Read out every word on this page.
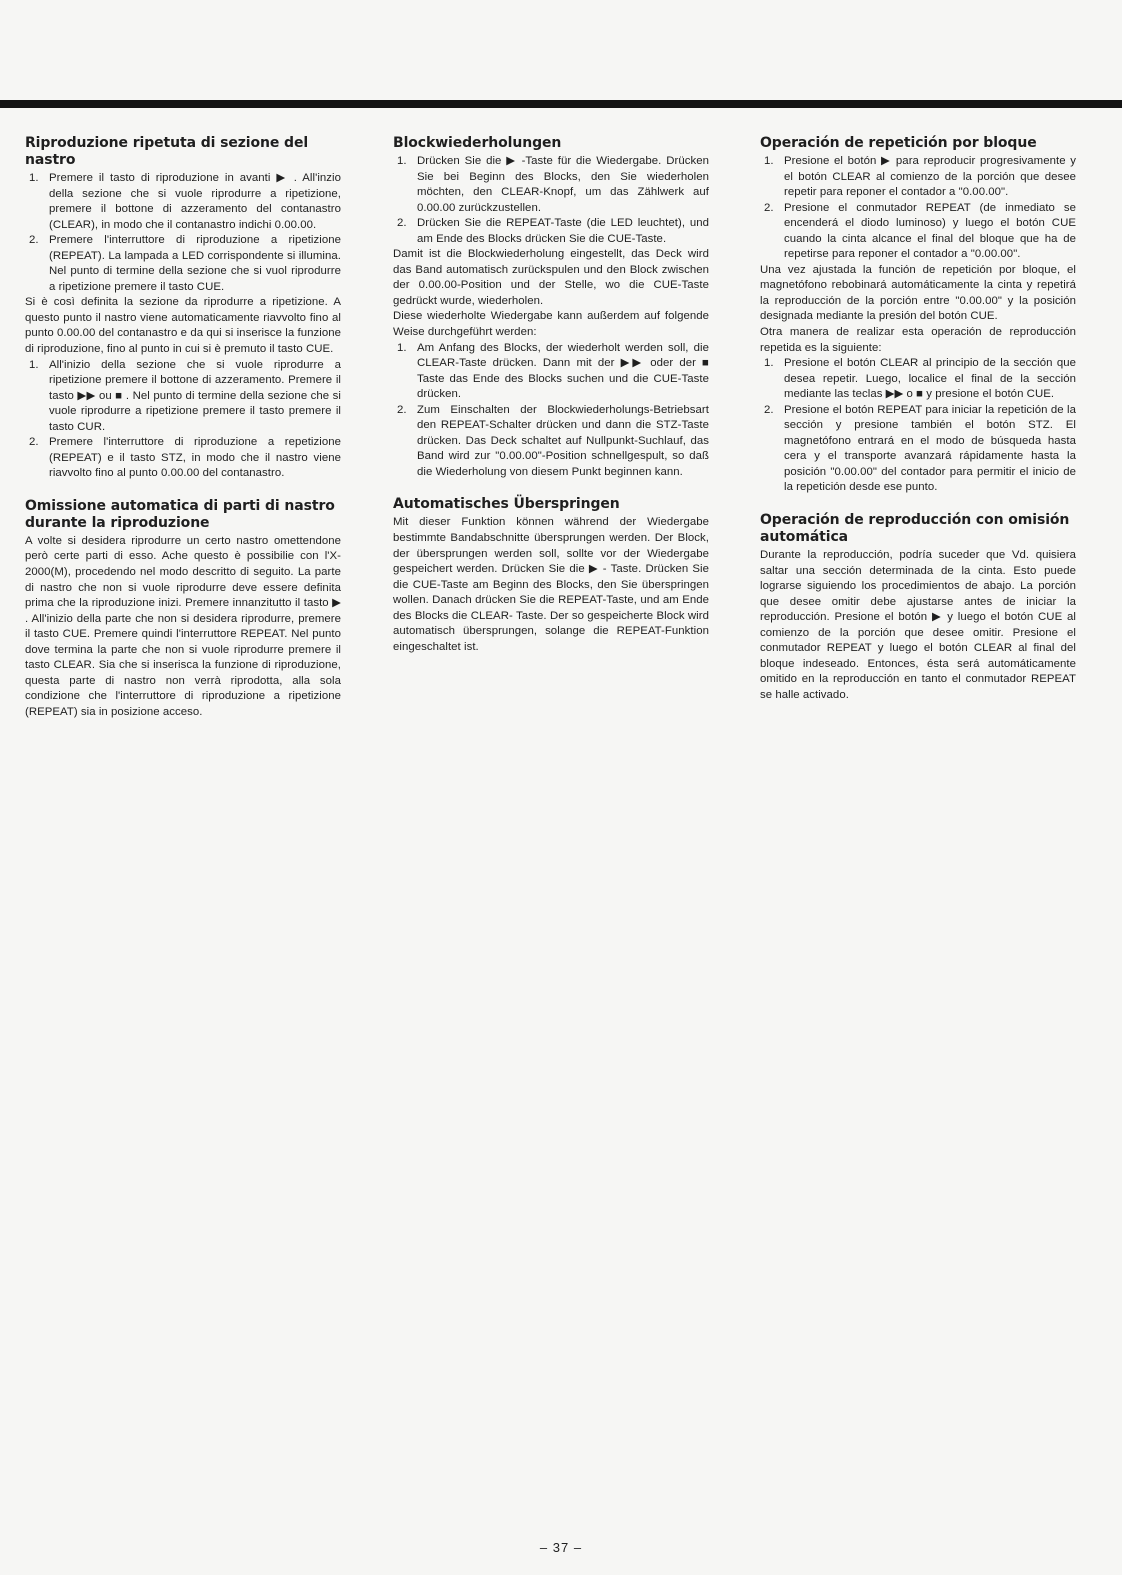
Riproduzione ripetuta di sezione del nastro
1. Premere il tasto di riproduzione in avanti ▶ . All'inzio della sezione che si vuole riprodurre a ripetizione, premere il bottone di azzeramento del contanastro (CLEAR), in modo che il contanastro indichi 0.00.00.
2. Premere l'interruttore di riproduzione a ripetizione (REPEAT). La lampada a LED corrispondente si illumina. Nel punto di termine della sezione che si vuol riprodurre a ripetizione premere il tasto CUE.

Si è così definita la sezione da riprodurre a ripetizione. A questo punto il nastro viene automaticamente riavvolto fino al punto 0.00.00 del contanastro e da qui si inserisce la funzione di riproduzione, fino al punto in cui si è premuto il tasto CUE.

1. All'inizio della sezione che si vuole riprodurre a ripetizione premere il bottone di azzeramento. Premere il tasto ▶▶ ou ■ . Nel punto di termine della sezione che si vuole riprodurre a ripetizione premere il tasto premere il tasto CUR.
2. Premere l'interruttore di riproduzione a repetizione (REPEAT) e il tasto STZ, in modo che il nastro viene riavvolto fino al punto 0.00.00 del contanastro.
Omissione automatica di parti di nastro durante la riproduzione

A volte si desidera riprodurre un certo nastro omettendone però certe parti di esso. Ache questo è possibilie con l'X-2000(M), procedendo nel modo descritto di seguito. La parte di nastro che non si vuole riprodurre deve essere definita prima che la riproduzione inizi. Premere innanzitutto il tasto ▶ . All'inizio della parte che non si desidera riprodurre, premere il tasto CUE. Premere quindi l'interruttore REPEAT. Nel punto dove termina la parte che non si vuole riprodurre premere il tasto CLEAR. Sia che si inserisca la funzione di riproduzione, questa parte di nastro non verrà riprodotta, alla sola condizione che l'interruttore di riproduzione a ripetizione (REPEAT) sia in posizione acceso.

Blockwiederholungen
1. Drücken Sie die ▶ -Taste für die Wiedergabe. Drücken Sie bei Beginn des Blocks, den Sie wiederholen möchten, den CLEAR-Knopf, um das Zählwerk auf 0.00.00 zurückzustellen.
2. Drücken Sie die REPEAT-Taste (die LED leuchtet), und am Ende des Blocks drücken Sie die CUE-Taste.

Damit ist die Blockwiederholung eingestellt, das Deck wird das Band automatisch zurückspulen und den Block zwischen der 0.00.00-Position und der Stelle, wo die CUE-Taste gedrückt wurde, wiederholen.

Diese wiederholte Wiedergabe kann außerdem auf folgende Weise durchgeführt werden:

1. Am Anfang des Blocks, der wiederholt werden soll, die CLEAR-Taste drücken. Dann mit der ▶▶ oder der ■ Taste das Ende des Blocks suchen und die CUE-Taste drücken.
2. Zum Einschalten der Blockwiederholungs-Betriebsart den REPEAT-Schalter drücken und dann die STZ-Taste drücken. Das Deck schaltet auf Nullpunkt-Suchlauf, das Band wird zur "0.00.00"-Position schnellgespult, so daß die Wiederholung von diesem Punkt beginnen kann.
Automatisches Überspringen

Mit dieser Funktion können während der Wiedergabe bestimmte Bandabschnitte übersprungen werden. Der Block, der übersprungen werden soll, sollte vor der Wiedergabe gespeichert werden. Drücken Sie die ▶ - Taste. Drücken Sie die CUE-Taste am Beginn des Blocks, den Sie überspringen wollen. Danach drücken Sie die REPEAT-Taste, und am Ende des Blocks die CLEAR- Taste. Der so gespeicherte Block wird automatisch übersprungen, solange die REPEAT-Funktion eingeschaltet ist.

Operación de repetición por bloque
1. Presione el botón ▶ para reproducir progresivamente y el botón CLEAR al comienzo de la porción que desee repetir para reponer el contador a "0.00.00".
2. Presione el conmutador REPEAT (de inmediato se encenderá el diodo luminoso) y luego el botón CUE cuando la cinta alcance el final del bloque que ha de repetirse para reponer el contador a "0.00.00".

Una vez ajustada la función de repetición por bloque, el magnetófono rebobinará automáticamente la cinta y repetirá la reproducción de la porción entre "0.00.00" y la posición designada mediante la presión del botón CUE.

Otra manera de realizar esta operación de reproducción repetida es la siguiente:

1. Presione el botón CLEAR al principio de la sección que desea repetir. Luego, localice el final de la sección mediante las teclas ▶▶ o ■ y presione el botón CUE.
2. Presione el botón REPEAT para iniciar la repetición de la sección y presione también el botón STZ. El magnetófono entrará en el modo de búsqueda hasta cera y el transporte avanzará rápidamente hasta la posición "0.00.00" del contador para permitir el inicio de la repetición desde ese punto.
Operación de reproducción con omisión automática

Durante la reproducción, podría suceder que Vd. quisiera saltar una sección determinada de la cinta. Esto puede lograrse siguiendo los procedimientos de abajo. La porción que desee omitir debe ajustarse antes de iniciar la reproducción. Presione el botón ▶ y luego el botón CUE al comienzo de la porción que desee omitir. Presione el conmutador REPEAT y luego el botón CLEAR al final del bloque indeseado. Entonces, ésta será automáticamente omitido en la reproducción en tanto el conmutador REPEAT se halle activado.

– 37 –
